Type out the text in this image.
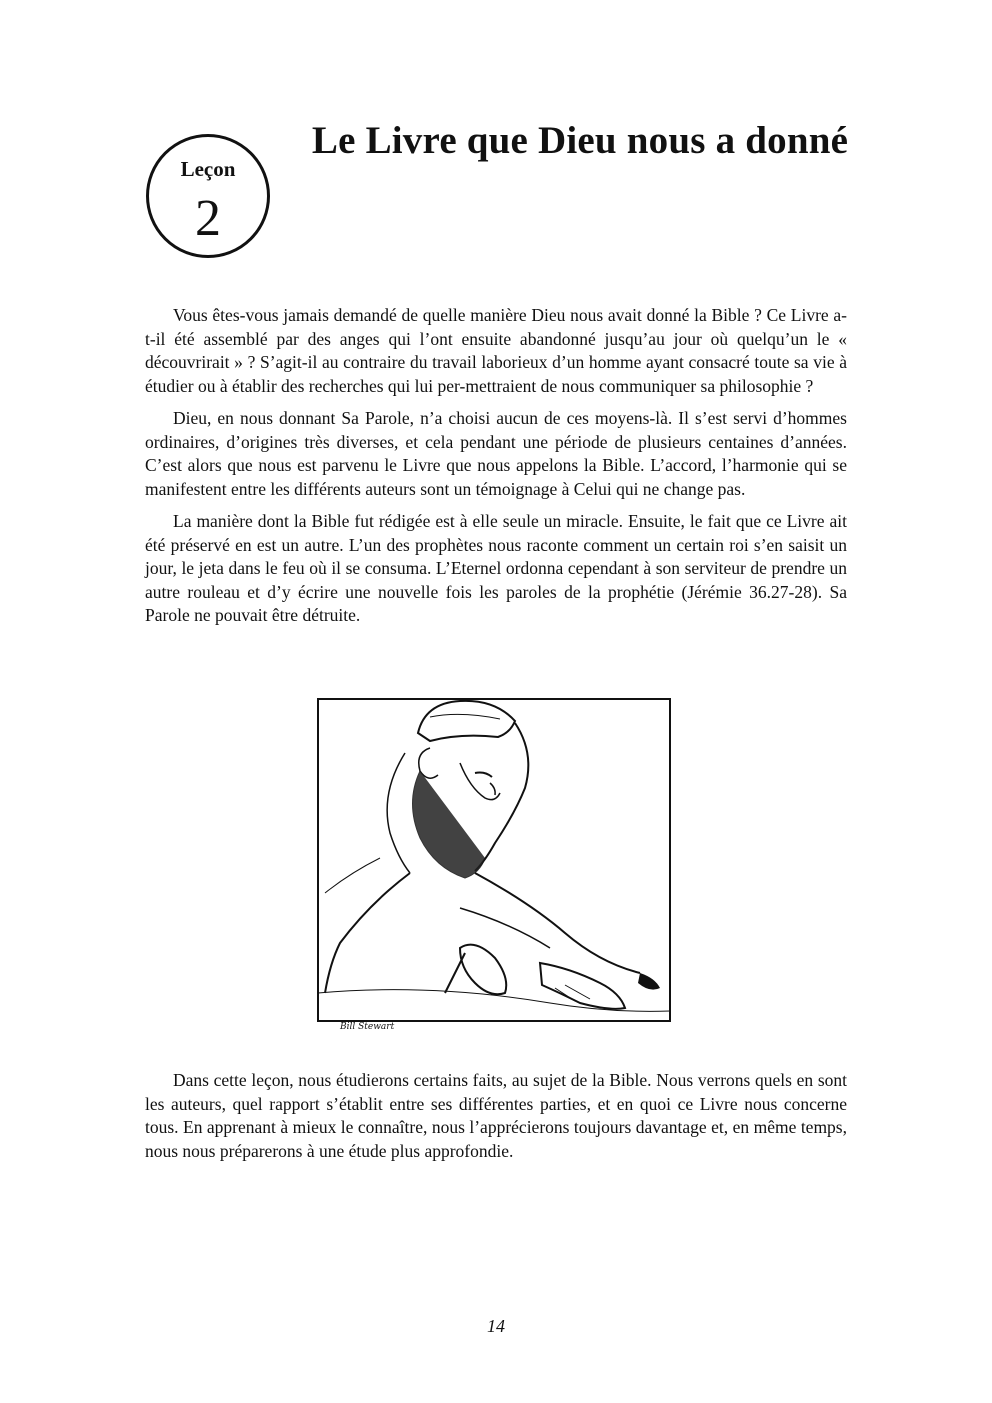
Leçon
2
Le Livre que Dieu nous a donné

Vous êtes-vous jamais demandé de quelle manière Dieu nous avait donné la Bible ? Ce Livre a-t-il été assemblé par des anges qui l’ont ensuite abandonné jusqu’au jour où quelqu’un le « découvrirait » ? S’agit-il au contraire du travail laborieux d’un homme ayant consacré toute sa vie à étudier ou à établir des recherches qui lui per-mettraient de nous communiquer sa philosophie ?

Dieu, en nous donnant Sa Parole, n’a choisi aucun de ces moyens-là. Il s’est servi d’hommes ordinaires, d’origines très diverses, et cela pendant une période de plusieurs centaines d’années. C’est alors que nous est parvenu le Livre que nous appelons la Bible. L’accord, l’harmonie qui se manifestent entre les différents auteurs sont un témoignage à Celui qui ne change pas.

La manière dont la Bible fut rédigée est à elle seule un miracle. Ensuite, le fait que ce Livre ait été préservé en est un autre. L’un des prophètes nous raconte comment un certain roi s’en saisit un jour, le jeta dans le feu où il se consuma. L’Eternel ordonna cependant à son serviteur de prendre un autre rouleau et d’y écrire une nouvelle fois les paroles de la prophétie (Jérémie 36.27-28). Sa Parole ne pouvait être détruite.

Bill Stewart

Dans cette leçon, nous étudierons certains faits, au sujet de la Bible. Nous verrons quels en sont les auteurs, quel rapport s’établit entre ses différentes parties, et en quoi ce Livre nous concerne tous. En apprenant à mieux le connaître, nous l’apprécierons toujours davantage et, en même temps, nous nous préparerons à une étude plus approfondie.

14
